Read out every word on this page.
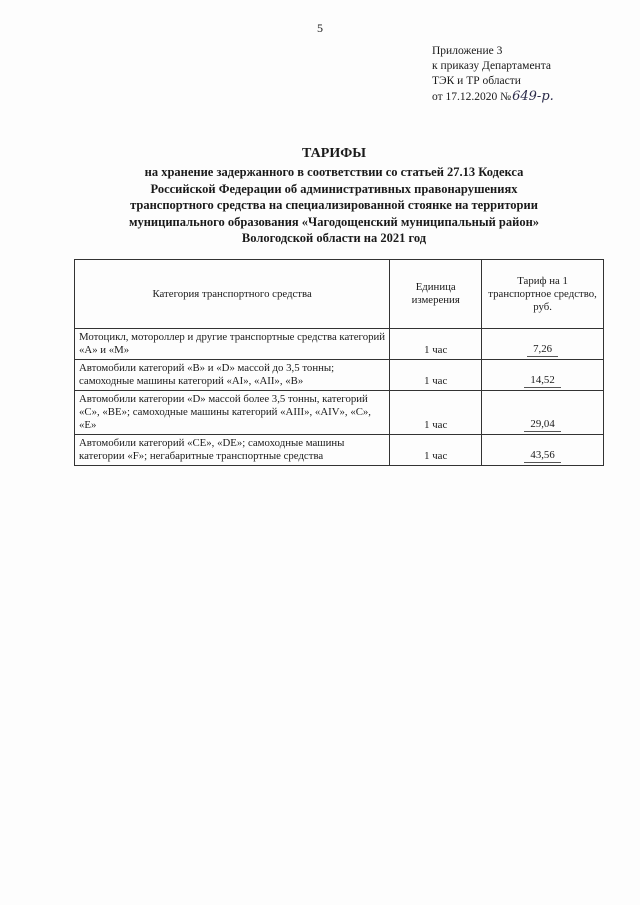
5
Приложение 3
к приказу Департамента
ТЭК и ТР области
от 17.12.2020 №649-р.
ТАРИФЫ
на хранение задержанного в соответствии со статьей 27.13 Кодекса
Российской Федерации об административных правонарушениях
транспортного средства на специализированной стоянке на территории
муниципального образования «Чагодощенский муниципальный район»
Вологодской области на 2021 год
Категория транспортного средства	Единица измерения	Тариф на 1 транспортное средство, руб.
Мотоцикл, мотороллер и другие транспортные средства категорий «А» и «М»	1 час	7,26
Автомобили категорий «В» и «D» массой до 3,5 тонны; самоходные машины категорий «AI», «AII», «В»	1 час	14,52
Автомобили категории «D» массой более 3,5 тонны, категорий «С», «ВЕ»; самоходные машины категорий «AIII», «AIV», «С», «Е»	1 час	29,04
Автомобили категорий «СЕ», «DE»; самоходные машины категории «F»; негабаритные транспортные средства	1 час	43,56
